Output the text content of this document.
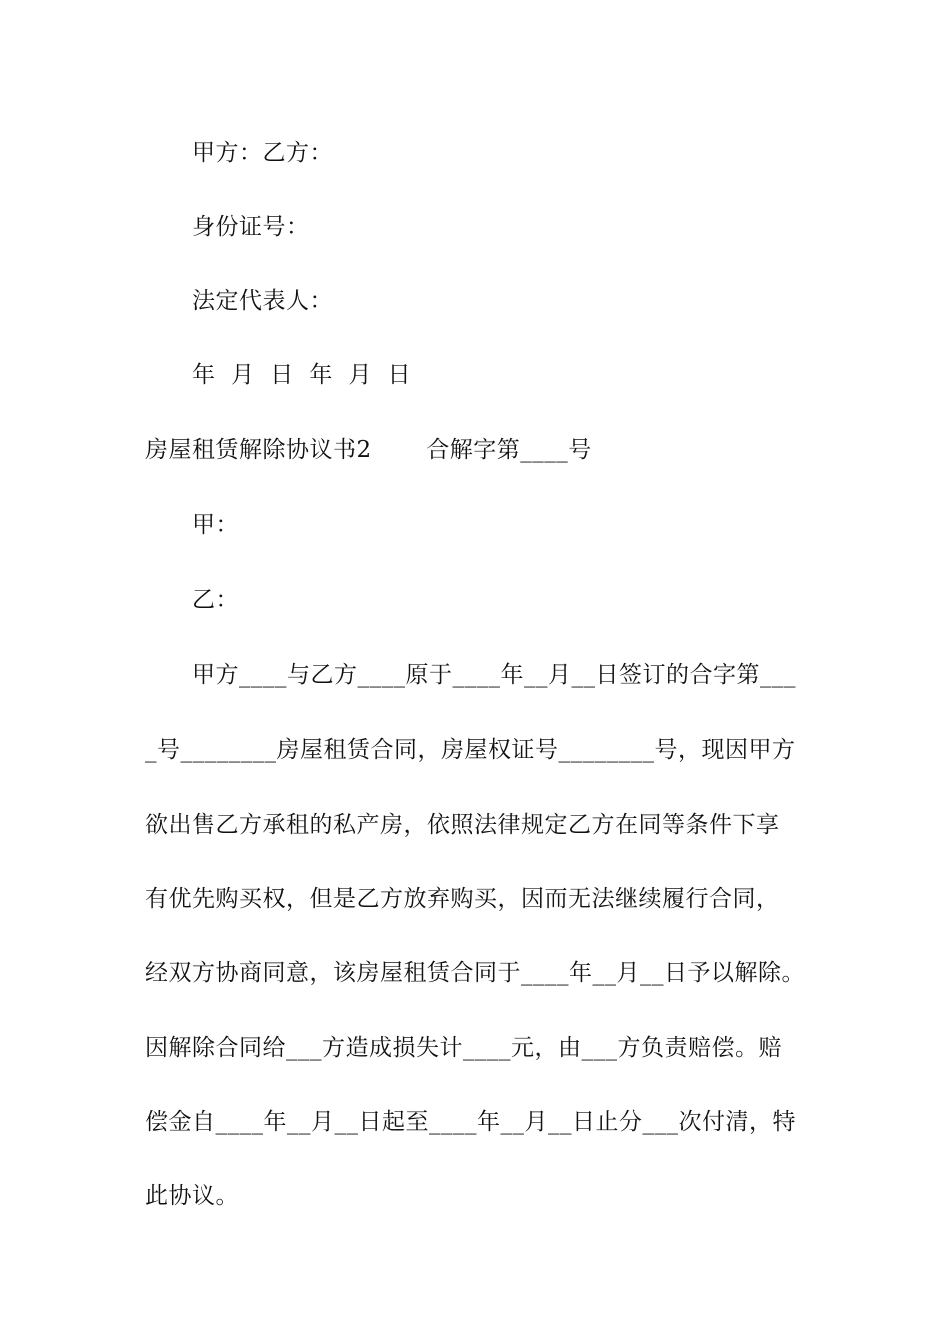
甲方：乙方：
身份证号：
法定代表人：
年  月  日  年  月  日
房屋租赁解除协议书2       合解字第____号
甲：
乙：
甲方____与乙方____原于____年__月__日签订的合字第___
_号________房屋租赁合同，房屋权证号________号，现因甲方
欲出售乙方承租的私产房，依照法律规定乙方在同等条件下享
有优先购买权，但是乙方放弃购买，因而无法继续履行合同，
经双方协商同意，该房屋租赁合同于____年__月__日予以解除。
因解除合同给___方造成损失计____元，由___方负责赔偿。赔
偿金自____年__月__日起至____年__月__日止分___次付清，特
此协议。
